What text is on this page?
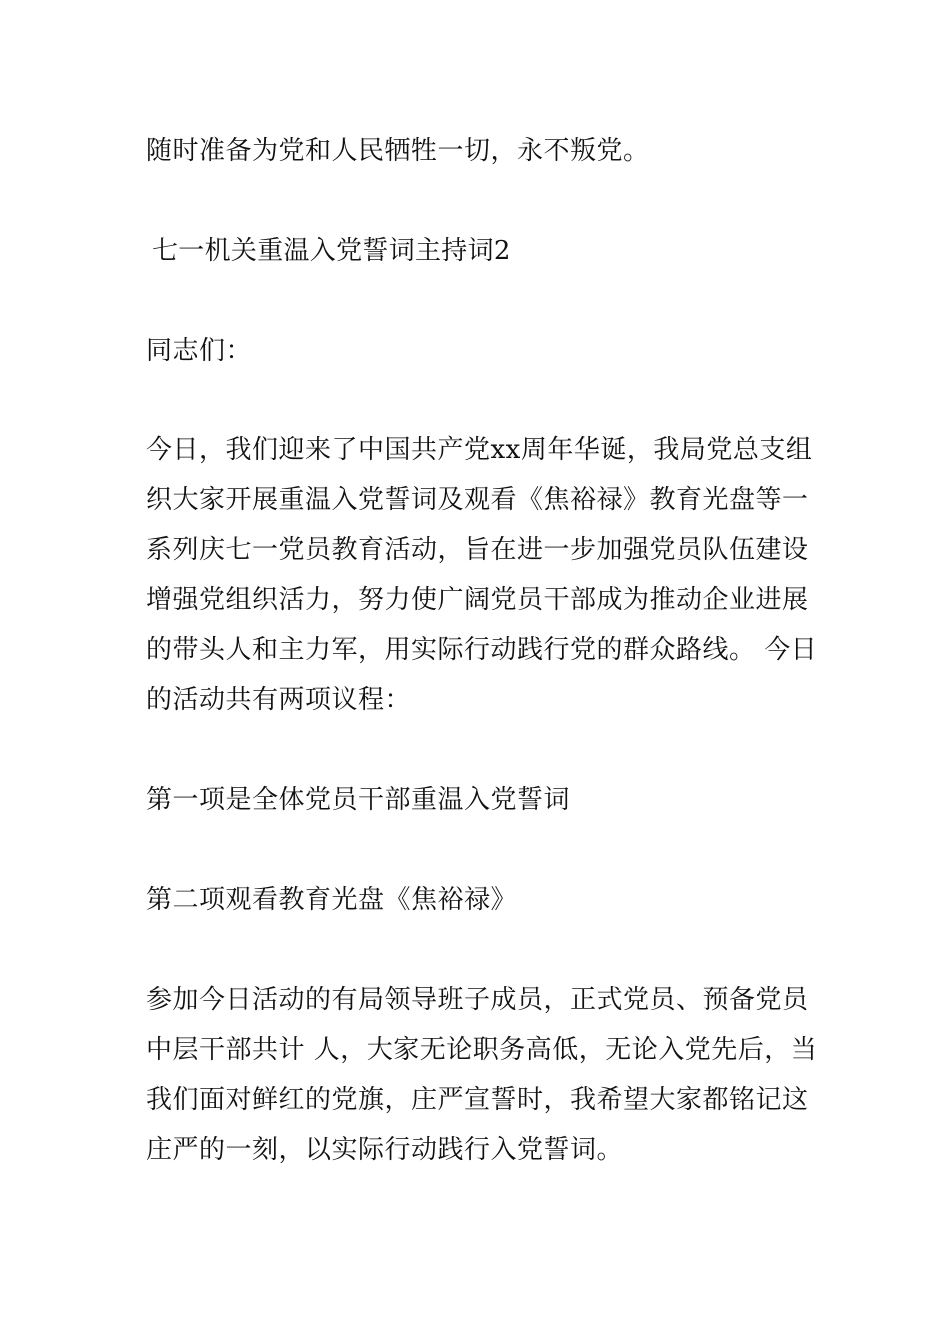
随时准备为党和人民牺牲一切，永不叛党。
七一机关重温入党誓词主持词2
同志们：
今日，我们迎来了中国共产党xx周年华诞，我局党总支组
织大家开展重温入党誓词及观看《焦裕禄》教育光盘等一
系列庆七一党员教育活动，旨在进一步加强党员队伍建设
增强党组织活力，努力使广阔党员干部成为推动企业进展
的带头人和主力军，用实际行动践行党的群众路线。 今日
的活动共有两项议程：
第一项是全体党员干部重温入党誓词
第二项观看教育光盘《焦裕禄》
参加今日活动的有局领导班子成员，正式党员、预备党员
中层干部共计 人，大家无论职务高低，无论入党先后，当
我们面对鲜红的党旗，庄严宣誓时，我希望大家都铭记这
庄严的一刻，以实际行动践行入党誓词。
